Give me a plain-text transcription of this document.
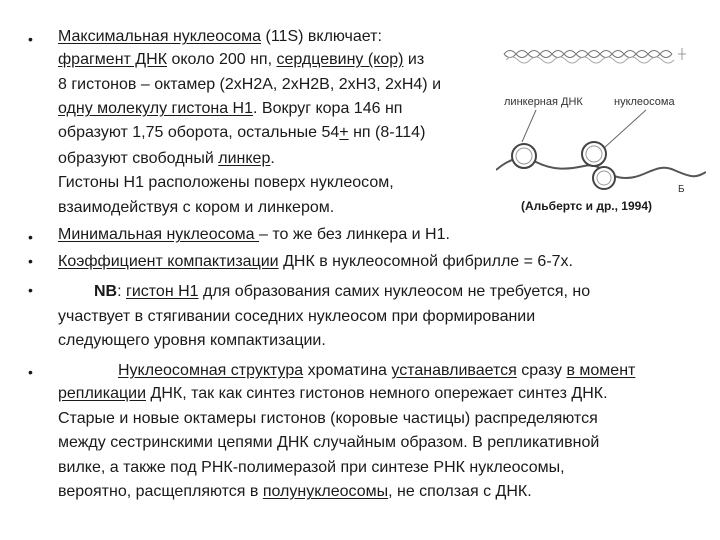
•
•
•
•
•
Максимальная нуклеосома (11S) включает:
фрагмент ДНК около 200 нп, сердцевину (кор) из
8 гистонов – октамер (2хН2А, 2хН2В, 2хН3, 2хН4) и
одну молекулу гистона Н1. Вокруг кора 146 нп
образуют 1,75 оборота, остальные 54+ нп (8-114)
образуют свободный линкер.
Гистоны Н1 расположены поверх нуклеосом,
взаимодействуя с кором и линкером.
Минимальная нуклеосома – то же без линкера и Н1.
Коэффициент компактизации ДНК в нуклеосомной фибрилле = 6-7х.
NB: гистон Н1 для образования самих нуклеосом не требуется, но
участвует в стягивании соседних нуклеосом при формировании
следующего уровня компактизации.
Нуклеосомная структура хроматина устанавливается сразу в момент
репликации ДНК, так как синтез гистонов немного опережает синтез ДНК.
Старые и новые октамеры гистонов (коровые частицы) распределяются
между сестринскими цепями ДНК случайным образом. В репликативной
вилке, а также под РНК-полимеразой при синтезе РНК нуклеосомы,
вероятно, расщепляются в полунуклеосомы, не сползая с ДНК.
линкерная ДНК	нуклеосома
Б
(Альбертс и др., 1994)
